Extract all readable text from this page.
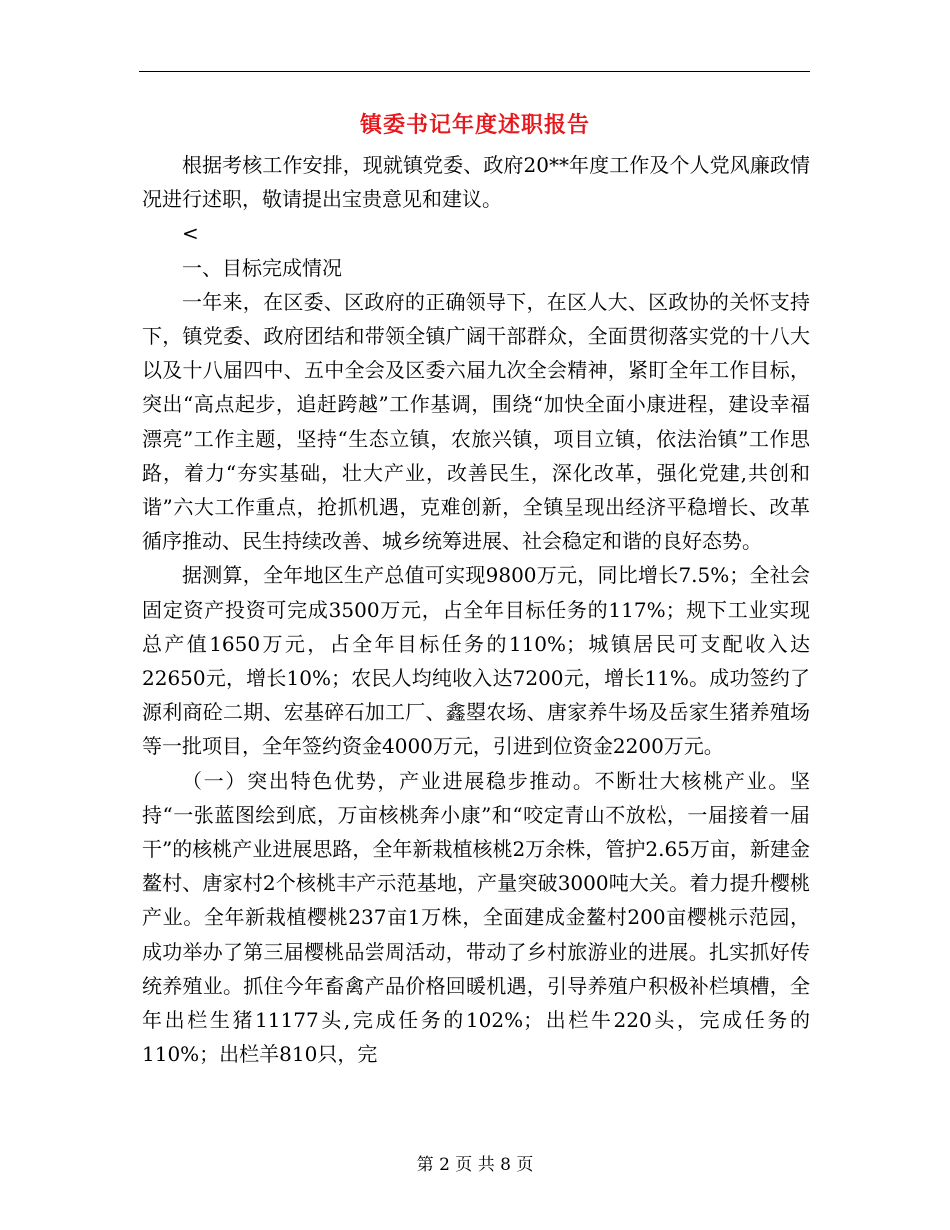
镇委书记年度述职报告

根据考核工作安排，现就镇党委、政府20**年度工作及个人党风廉政情况进行述职，敬请提出宝贵意见和建议。

<

一、目标完成情况

一年来，在区委、区政府的正确领导下，在区人大、区政协的关怀支持下，镇党委、政府团结和带领全镇广阔干部群众，全面贯彻落实党的十八大以及十八届四中、五中全会及区委六届九次全会精神，紧盯全年工作目标，突出“高点起步，追赶跨越”工作基调，围绕“加快全面小康进程，建设幸福漂亮”工作主题，坚持“生态立镇，农旅兴镇，项目立镇，依法治镇”工作思路，着力“夯实基础，壮大产业，改善民生，深化改革，强化党建,共创和谐”六大工作重点，抢抓机遇，克难创新，全镇呈现出经济平稳增长、改革循序推动、民生持续改善、城乡统筹进展、社会稳定和谐的良好态势。

据测算，全年地区生产总值可实现9800万元，同比增长7.5%；全社会固定资产投资可完成3500万元，占全年目标任务的117%；规下工业实现总产值1650万元，占全年目标任务的110%；城镇居民可支配收入达22650元，增长10%；农民人均纯收入达7200元，增长11%。成功签约了源利商砼二期、宏基碎石加工厂、鑫曌农场、唐家养牛场及岳家生猪养殖场等一批项目，全年签约资金4000万元，引进到位资金2200万元。

（一）突出特色优势，产业进展稳步推动。不断壮大核桃产业。坚持“一张蓝图绘到底，万亩核桃奔小康”和“咬定青山不放松，一届接着一届干”的核桃产业进展思路，全年新栽植核桃2万余株，管护2.65万亩，新建金鳌村、唐家村2个核桃丰产示范基地，产量突破3000吨大关。着力提升樱桃产业。全年新栽植樱桃237亩1万株，全面建成金鳌村200亩樱桃示范园，成功举办了第三届樱桃品尝周活动，带动了乡村旅游业的进展。扎实抓好传统养殖业。抓住今年畜禽产品价格回暖机遇，引导养殖户积极补栏填槽，全年出栏生猪11177头,完成任务的102%；出栏牛220头，完成任务的110%；出栏羊810只，完

第 2 页 共 8 页
